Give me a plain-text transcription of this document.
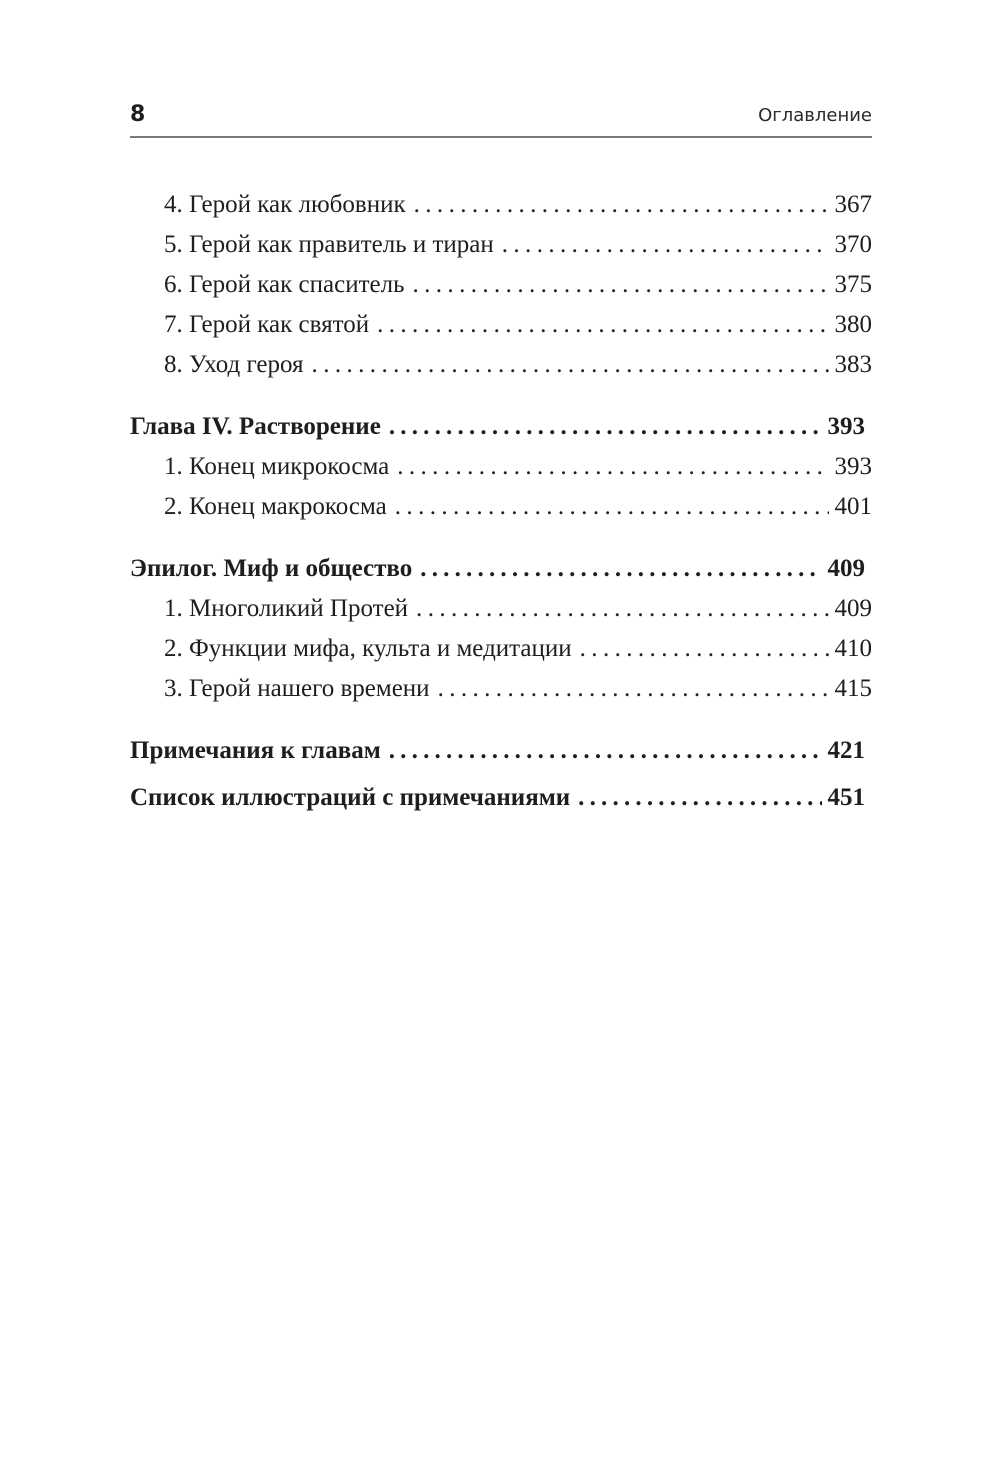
8	Оглавление
4. Герой как любовник .....	367
5. Герой как правитель и тиран .....	370
6. Герой как спаситель .....	375
7. Герой как святой .....	380
8. Уход героя .....	383
Глава IV. Растворение .....	393
1. Конец микрокосма .....	393
2. Конец макрокосма .....	401
Эпилог. Миф и общество .....	409
1. Многоликий Протей .....	409
2. Функции мифа, культа и медитации .....	410
3. Герой нашего времени .....	415
Примечания к главам .....	421
Список иллюстраций с примечаниями .....	451
